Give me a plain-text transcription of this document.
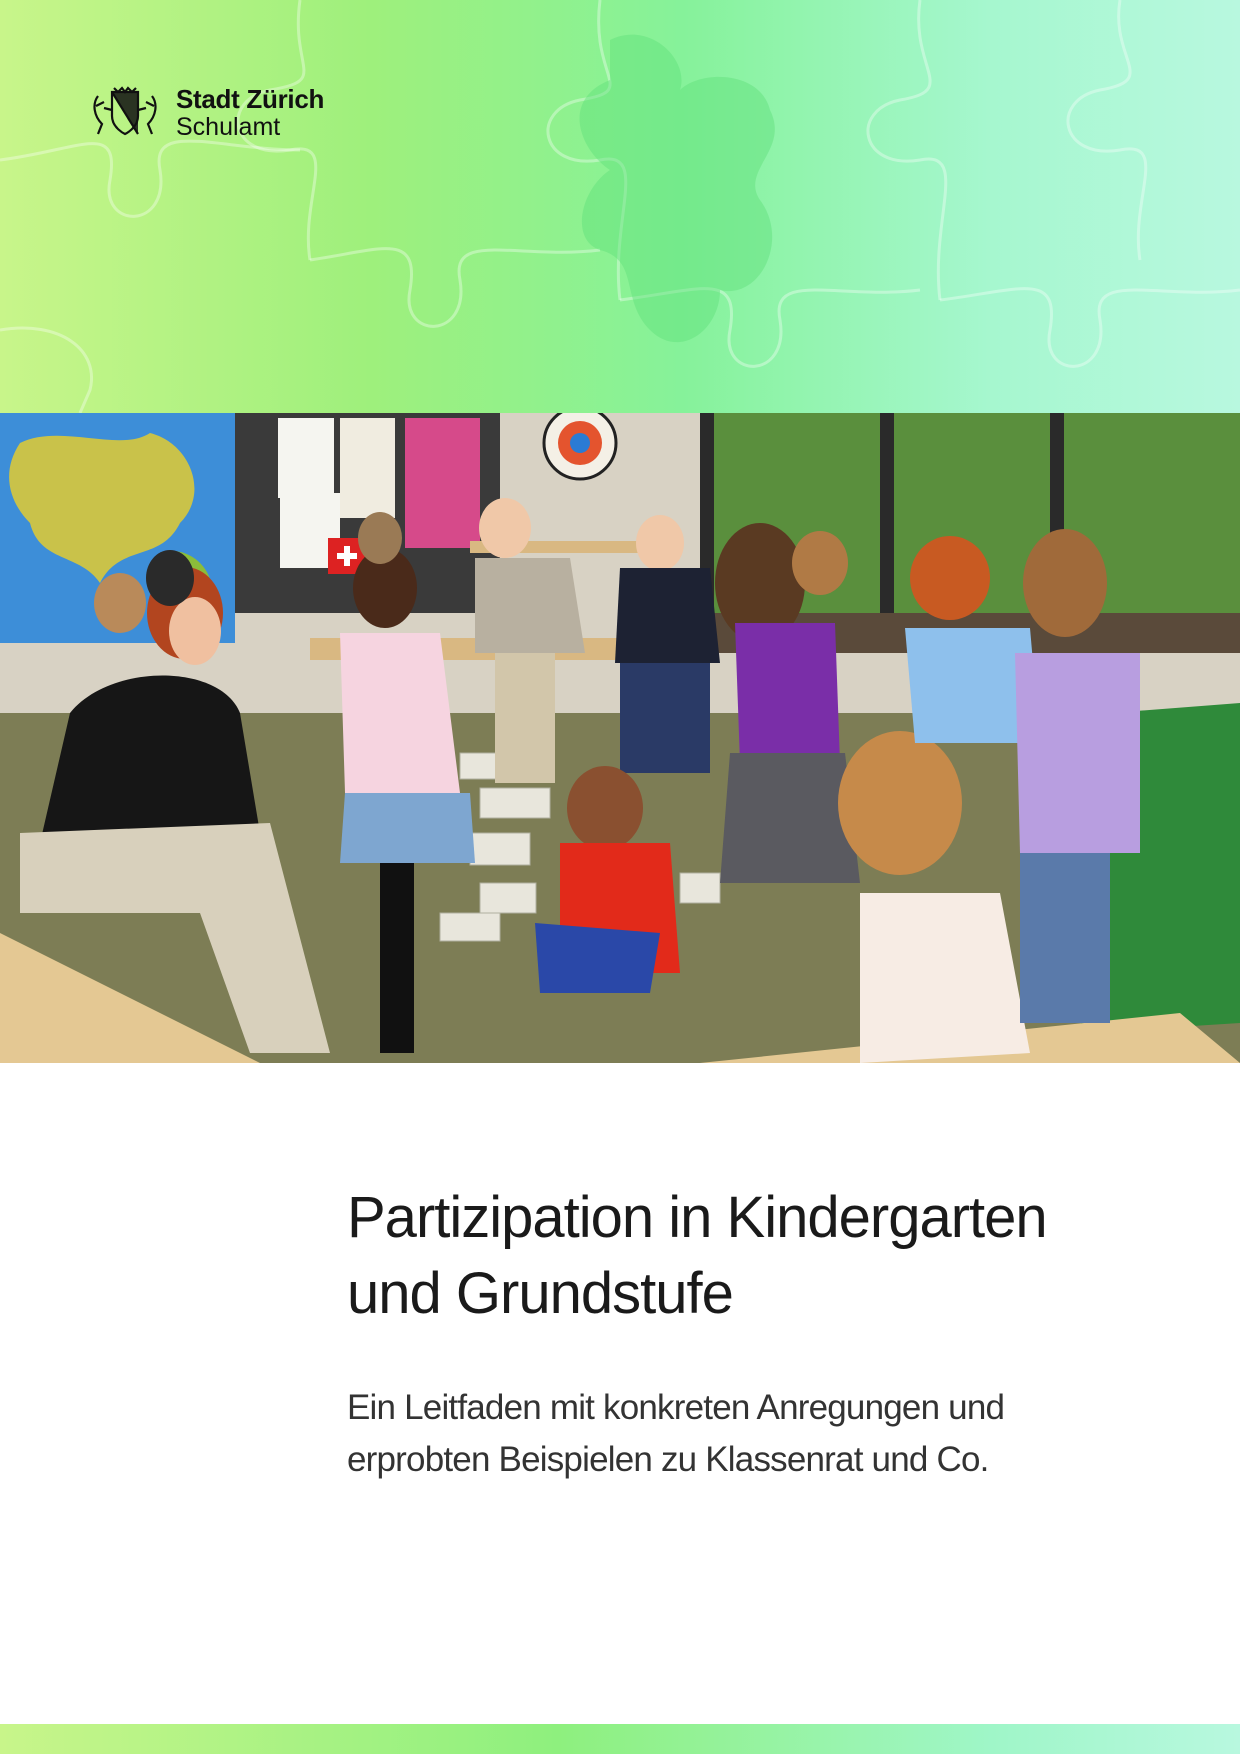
Stadt Zürich
Schulamt
Partizipation in Kindergarten
und Grundstufe

Ein Leitfaden mit konkreten Anregungen und
erprobten Beispielen zu Klassenrat und Co.
